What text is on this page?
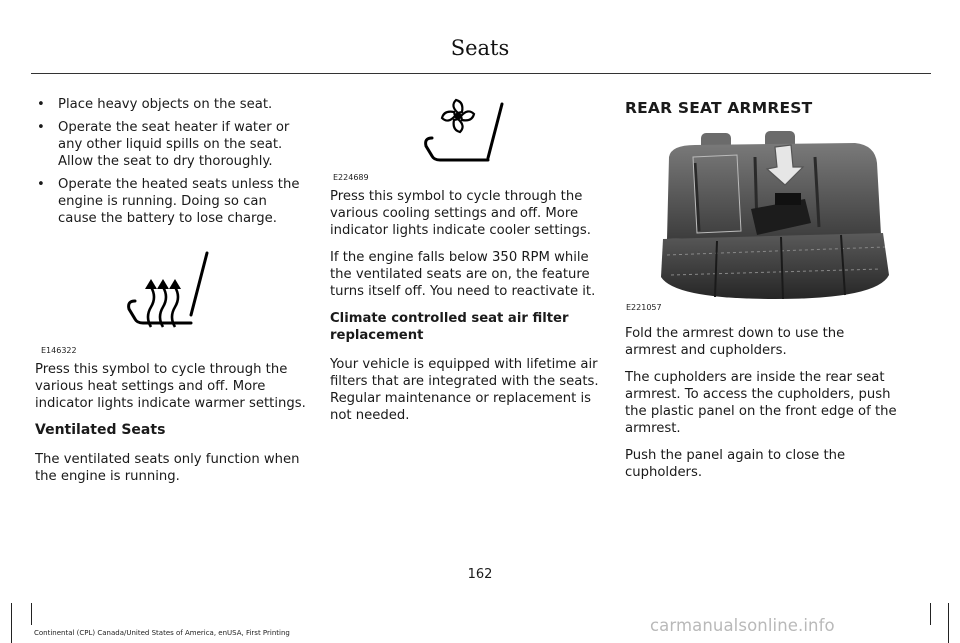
Seats
• Place heavy objects on the seat.
• Operate the seat heater if water or any other liquid spills on the seat. Allow the seat to dry thoroughly.
• Operate the heated seats unless the engine is running. Doing so can cause the battery to lose charge.
E146322

Press this symbol to cycle through the various heat settings and off. More indicator lights indicate warmer settings.

Ventilated Seats

The ventilated seats only function when the engine is running.

E224689

Press this symbol to cycle through the various cooling settings and off. More indicator lights indicate cooler settings.

If the engine falls below 350 RPM while the ventilated seats are on, the feature turns itself off. You need to reactivate it.

Climate controlled seat air filter replacement

Your vehicle is equipped with lifetime air filters that are integrated with the seats. Regular maintenance or replacement is not needed.

REAR SEAT ARMREST
E221057

Fold the armrest down to use the armrest and cupholders.

The cupholders are inside the rear seat armrest. To access the cupholders, push the plastic panel on the front edge of the armrest.

Push the panel again to close the cupholders.

162
Continental (CPL) Canada/United States of America, enUSA, First Printing	carmanualsonline.info
